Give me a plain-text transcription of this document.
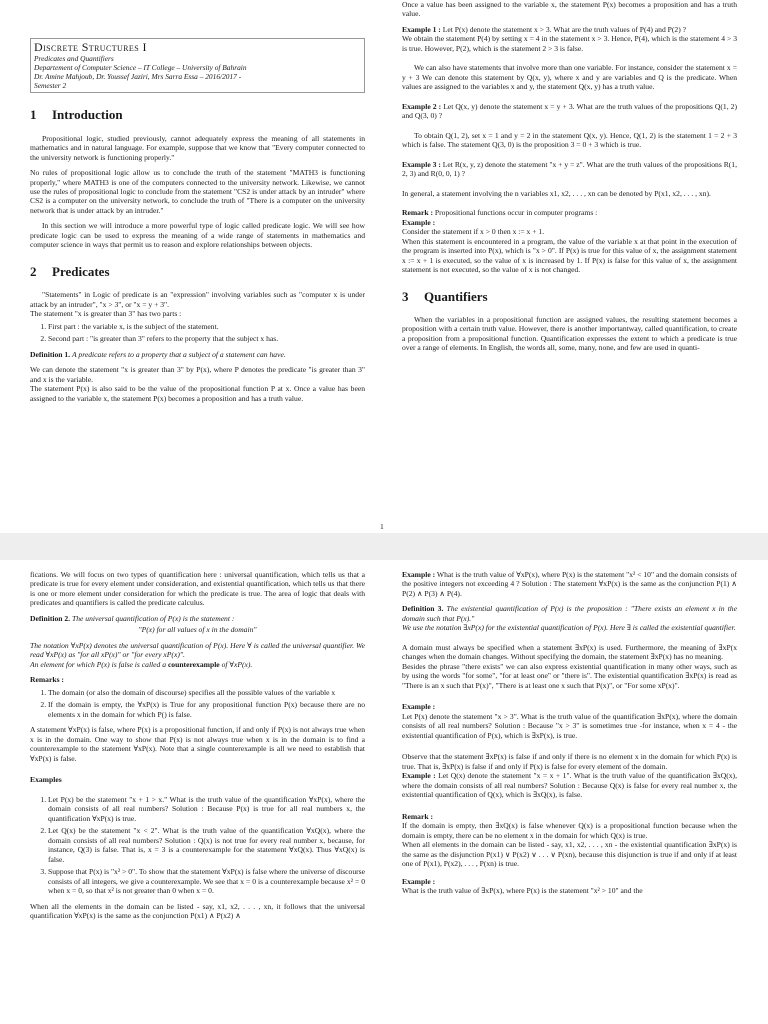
Discrete Structures I
Predicates and Quantifiers
Departement of Computer Science – IT College – University of Bahrain
Dr. Amine Mahjoub, Dr. Youssef Jaziri, Mrs Sarra Essa – 2016/2017 -
Semester 2
1 Introduction

Propositional logic, studied previously, cannot adequately express the meaning of all statements in mathematics and in natural language. For example, suppose that we know that "Every computer connected to the university network is functioning properly."

No rules of propositional logic allow us to conclude the truth of the statement "MATH3 is functioning properly," where MATH3 is one of the computers connected to the university network. Likewise, we cannot use the rules of propositional logic to conclude from the statement "CS2 is under attack by an intruder" where CS2 is a computer on the university network, to conclude the truth of "There is a computer on the university network that is under attack by an intruder."

In this section we will introduce a more powerful type of logic called predicate logic. We will see how predicate logic can be used to express the meaning of a wide range of statements in mathematics and computer science in ways that permit us to reason and explore relationships between objects.

2 Predicates

"Statements" in Logic of predicate is an "expression" involving variables such as "computer x is under attack by an intruder", "x > 3", or "x = y + 3".

The statement "x is greater than 3" has two parts :

1. First part : the variable x, is the subject of the statement.
2. Second part : "is greater than 3" refers to the property that the subject x has.

Definition 1. A predicate refers to a property that a subject of a statement can have.

We can denote the statement "x is greater than 3" by P(x), where P denotes the predicate "is greater than 3" and x is the variable.

The statement P(x) is also said to be the value of the propositional function P at x. Once a value has been assigned to the variable x, the statement P(x) becomes a proposition and has a truth value.

Once a value has been assigned to the variable x, the statement P(x) becomes a proposition and has a truth value.

Example 1 : Let P(x) denote the statement x > 3. What are the truth values of P(4) and P(2) ?

We obtain the statement P(4) by setting x = 4 in the statement x > 3. Hence, P(4), which is the statement 4 > 3 is true. However, P(2), which is the statement 2 > 3 is false.

We can also have statements that involve more than one variable. For instance, consider the statement x = y + 3 We can denote this statement by Q(x, y), where x and y are variables and Q is the predicate. When values are assigned to the variables x and y, the statement Q(x, y) has a truth value.

Example 2 : Let Q(x, y) denote the statement x = y + 3. What are the truth values of the propositions Q(1, 2) and Q(3, 0) ?

To obtain Q(1, 2), set x = 1 and y = 2 in the statement Q(x, y). Hence, Q(1, 2) is the statement 1 = 2 + 3 which is false. The statement Q(3, 0) is the proposition 3 = 0 + 3 which is true.

Example 3 : Let R(x, y, z) denote the statement "x + y = z". What are the truth values of the propositions R(1, 2, 3) and R(0, 0, 1) ?

In general, a statement involving the n variables x1, x2, . . . , xn can be denoted by P(x1, x2, . . . , xn).

Remark : Propositional functions occur in computer programs :

Example :

Consider the statement if x > 0 then x := x + 1.

When this statement is encountered in a program, the value of the variable x at that point in the execution of the program is inserted into P(x), which is "x > 0". If P(x) is true for this value of x, the assignment statement x := x + 1 is executed, so the value of x is increased by 1. If P(x) is false for this value of x, the assignment statement is not executed, so the value of x is not changed.

3 Quantifiers

When the variables in a propositional function are assigned values, the resulting statement becomes a proposition with a certain truth value. However, there is another importantway, called quantification, to create a proposition from a propositional function. Quantification expresses the extent to which a predicate is true over a range of elements. In English, the words all, some, many, none, and few are used in quanti-

1

fications. We will focus on two types of quantification here : universal quantification, which tells us that a predicate is true for every element under consideration, and existential quantification, which tells us that there is one or more element under consideration for which the predicate is true. The area of logic that deals with predicates and quantifiers is called the predicate calculus.

Definition 2. The universal quantification of P(x) is the statement :

"P(x) for all values of x in the domain"

The notation ∀xP(x) denotes the universal quantification of P(x). Here ∀ is called the universal quantifier. We read ∀xP(x) as "for all xP(x)" or "for every xP(x)".

An element for which P(x) is false is called a counterexample of ∀xP(x).

Remarks :

1. The domain (or also the domain of discourse) specifies all the possible values of the variable x
2. If the domain is empty, the ∀xP(x) is True for any propositional function P(x) because there are no elements x in the domain for which P() is false.

A statement ∀xP(x) is false, where P(x) is a propositional function, if and only if P(x) is not always true when x is in the domain. One way to show that P(x) is not always true when x is in the domain is to find a counterexample to the statement ∀xP(x). Note that a single counterexample is all we need to establish that ∀xP(x) is false.

Examples

1. Let P(x) be the statement "x + 1 > x." What is the truth value of the quantification ∀xP(x), where the domain consists of all real numbers? Solution : Because P(x) is true for all real numbers x, the quantification ∀xP(x) is true.
2. Let Q(x) be the statement "x < 2". What is the truth value of the quantification ∀xQ(x), where the domain consists of all real numbers? Solution : Q(x) is not true for every real number x, because, for instance, Q(3) is false. That is, x = 3 is a counterexample for the statement ∀xQ(x). Thus ∀xQ(x) is false.
3. Suppose that P(x) is "x² > 0". To show that the statement ∀xP(x) is false where the universe of discourse consists of all integers, we give a counterexample. We see that x = 0 is a counterexample because x² = 0 when x = 0, so that x² is not greater than 0 when x = 0.

When all the elements in the domain can be listed - say, x1, x2, . . . , xn, it follows that the universal quantification ∀xP(x) is the same as the conjunction P(x1) ∧ P(x2) ∧

Example : What is the truth value of ∀xP(x), where P(x) is the statement "x² < 10" and the domain consists of the positive integers not exceeding 4 ? Solution : The statement ∀xP(x) is the same as the conjunction P(1) ∧ P(2) ∧ P(3) ∧ P(4).

Definition 3. The existential quantification of P(x) is the proposition : "There exists an element x in the domain such that P(x)."

We use the notation ∃xP(x) for the existential quantification of P(x). Here ∃ is called the existential quantifier.

A domain must always be specified when a statement ∃xP(x) is used. Furthermore, the meaning of ∃xP(x changes when the domain changes. Without specifying the domain, the statement ∃xP(x) has no meaning.

Besides the phrase "there exists" we can also express existential quantification in many other ways, such as by using the words "for some", "for at least one" or "there is". The existential quantification ∃xP(x) is read as "There is an x such that P(x)", "There is at least one x such that P(x)", or "For some xP(x)".

Example :
Let P(x) denote the statement "x > 3". What is the truth value of the quantification ∃xP(x), where the domain consists of all real numbers? Solution : Because "x > 3" is sometimes true -for instance, when x = 4 - the existential quantification of P(x), which is ∃xP(x), is true.

Observe that the statement ∃xP(x) is false if and only if there is no element x in the domain for which P(x) is true. That is, ∃xP(x) is false if and only if P(x) is false for every element of the domain.

Example : Let Q(x) denote the statement "x = x + 1". What is the truth value of the quantification ∃xQ(x), where the domain consists of all real numbers? Solution : Because Q(x) is false for every real number x, the existential quantification of Q(x), which is ∃xQ(x), is false.

Remark :
If the domain is empty, then ∃xQ(x) is false whenever Q(x) is a propositional function because when the domain is empty, there can be no element x in the domain for which Q(x) is true.

When all elements in the domain can be listed - say, x1, x2, . . . , xn - the existential quantification ∃xP(x) is the same as the disjunction P(x1) ∨ P(x2) ∨ . . . ∨ P(xn), because this disjunction is true if and only if at least one of P(x1), P(x2), . . . , P(xn) is true.

Example :
What is the truth value of ∃xP(x), where P(x) is the statement "x² > 10" and the
